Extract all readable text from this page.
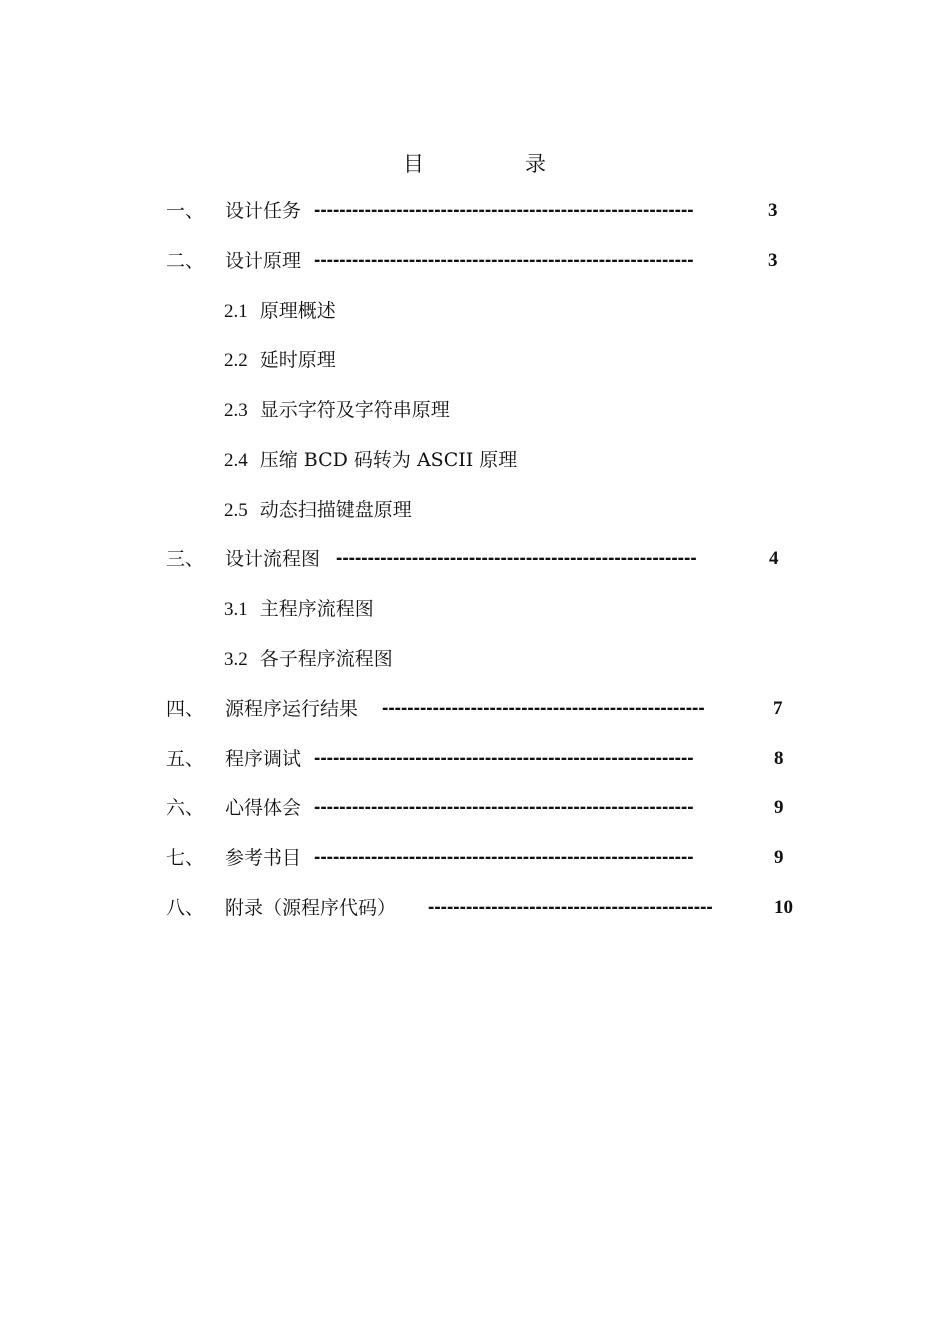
目	录
一、 设计任务 ------------------------------------------------------------	3
二、 设计原理 ------------------------------------------------------------	3
2.1 原理概述
2.2 延时原理
2.3 显示字符及字符串原理
2.4 压缩 BCD 码转为 ASCII 原理
2.5 动态扫描键盘原理
三、 设计流程图 ---------------------------------------------------------	4
3.1 主程序流程图
3.2 各子程序流程图
四、 源程序运行结果 ---------------------------------------------------	7
五、 程序调试 ------------------------------------------------------------	8
六、 心得体会 ------------------------------------------------------------	9
七、 参考书目 ------------------------------------------------------------	9
八、 附录（源程序代码） ---------------------------------------------	10
